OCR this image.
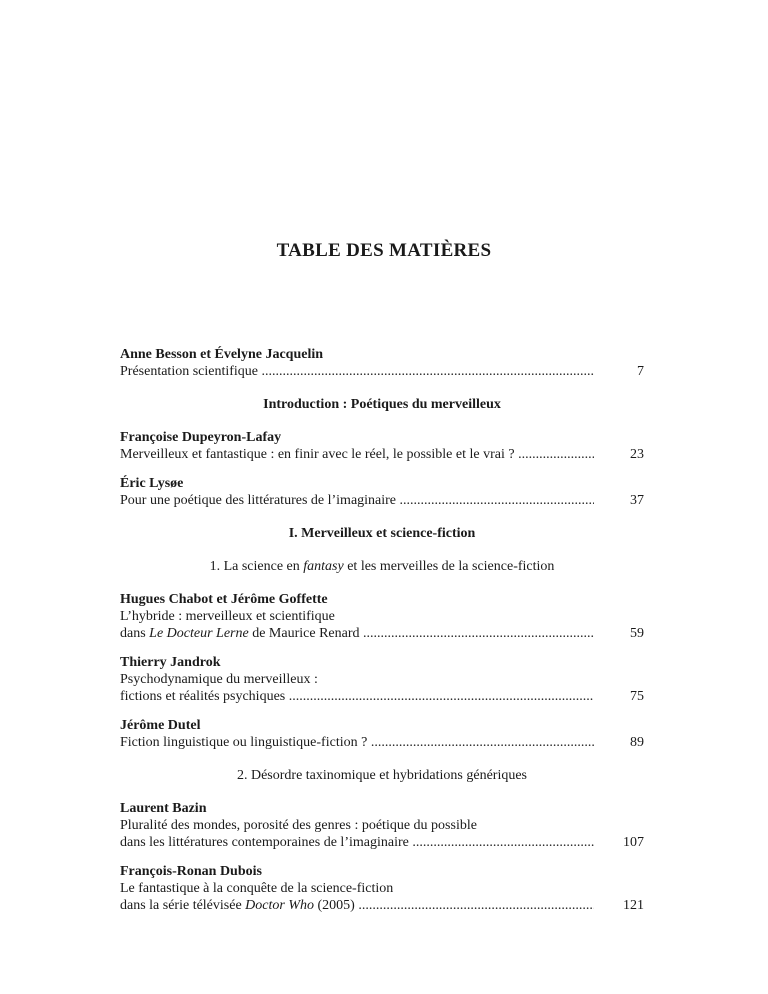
TABLE DES MATIÈRES
Anne Besson et Évelyne Jacquelin
Présentation scientifique .....	7
Introduction : Poétiques du merveilleux
Françoise Dupeyron-Lafay
Merveilleux et fantastique : en finir avec le réel, le possible et le vrai ? .....	23
Éric Lysøe
Pour une poétique des littératures de l’imaginaire .....	37
I. Merveilleux et science-fiction
1. La science en fantasy et les merveilles de la science-fiction
Hugues Chabot et Jérôme Goffette
L’hybride : merveilleux et scientifique
dans Le Docteur Lerne de Maurice Renard .....	59
Thierry Jandrok
Psychodynamique du merveilleux :
fictions et réalités psychiques .....	75
Jérôme Dutel
Fiction linguistique ou linguistique-fiction ? .....	89
2. Désordre taxinomique et hybridations génériques
Laurent Bazin
Pluralité des mondes, porosité des genres : poétique du possible
dans les littératures contemporaines de l’imaginaire .....	107
François-Ronan Dubois
Le fantastique à la conquête de la science-fiction
dans la série télévisée Doctor Who (2005) .....	121
